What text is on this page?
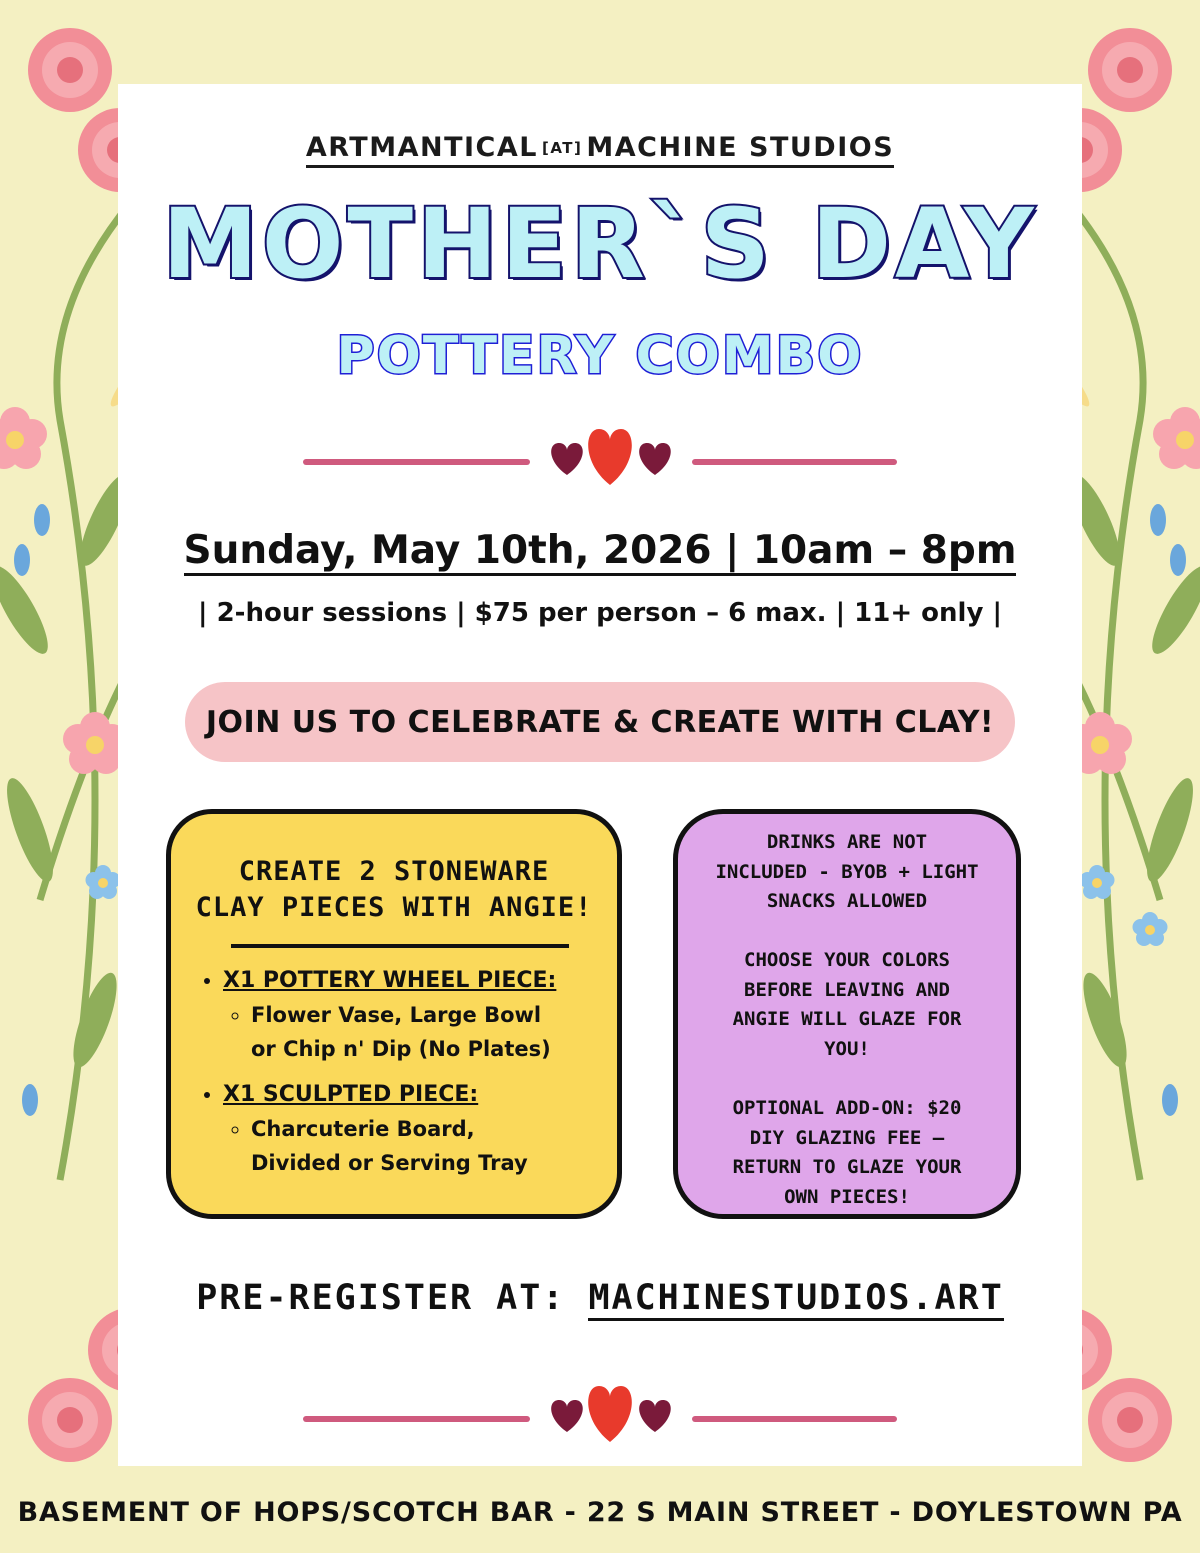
ARTMANTICAL [AT] MACHINE STUDIOS
MOTHER`S DAY
POTTERY COMBO
Sunday, May 10th, 2026 | 10am – 8pm
| 2-hour sessions | $75 per person – 6 max. | 11+ only |
JOIN US TO CELEBRATE & CREATE WITH CLAY!
CREATE 2 STONEWARE
CLAY PIECES WITH ANGIE!
• X1 POTTERY WHEEL PIECE:
◦ Flower Vase, Large Bowl
or Chip n' Dip (No Plates)
• X1 SCULPTED PIECE:
◦ Charcuterie Board,
Divided or Serving Tray

DRINKS ARE NOT
INCLUDED - BYOB + LIGHT
SNACKS ALLOWED

CHOOSE YOUR COLORS
BEFORE LEAVING AND
ANGIE WILL GLAZE FOR
YOU!

OPTIONAL ADD-ON: $20
DIY GLAZING FEE —
RETURN TO GLAZE YOUR
OWN PIECES!

PRE-REGISTER AT: MACHINESTUDIOS.ART
BASEMENT OF HOPS/SCOTCH BAR - 22 S MAIN STREET - DOYLESTOWN PA
